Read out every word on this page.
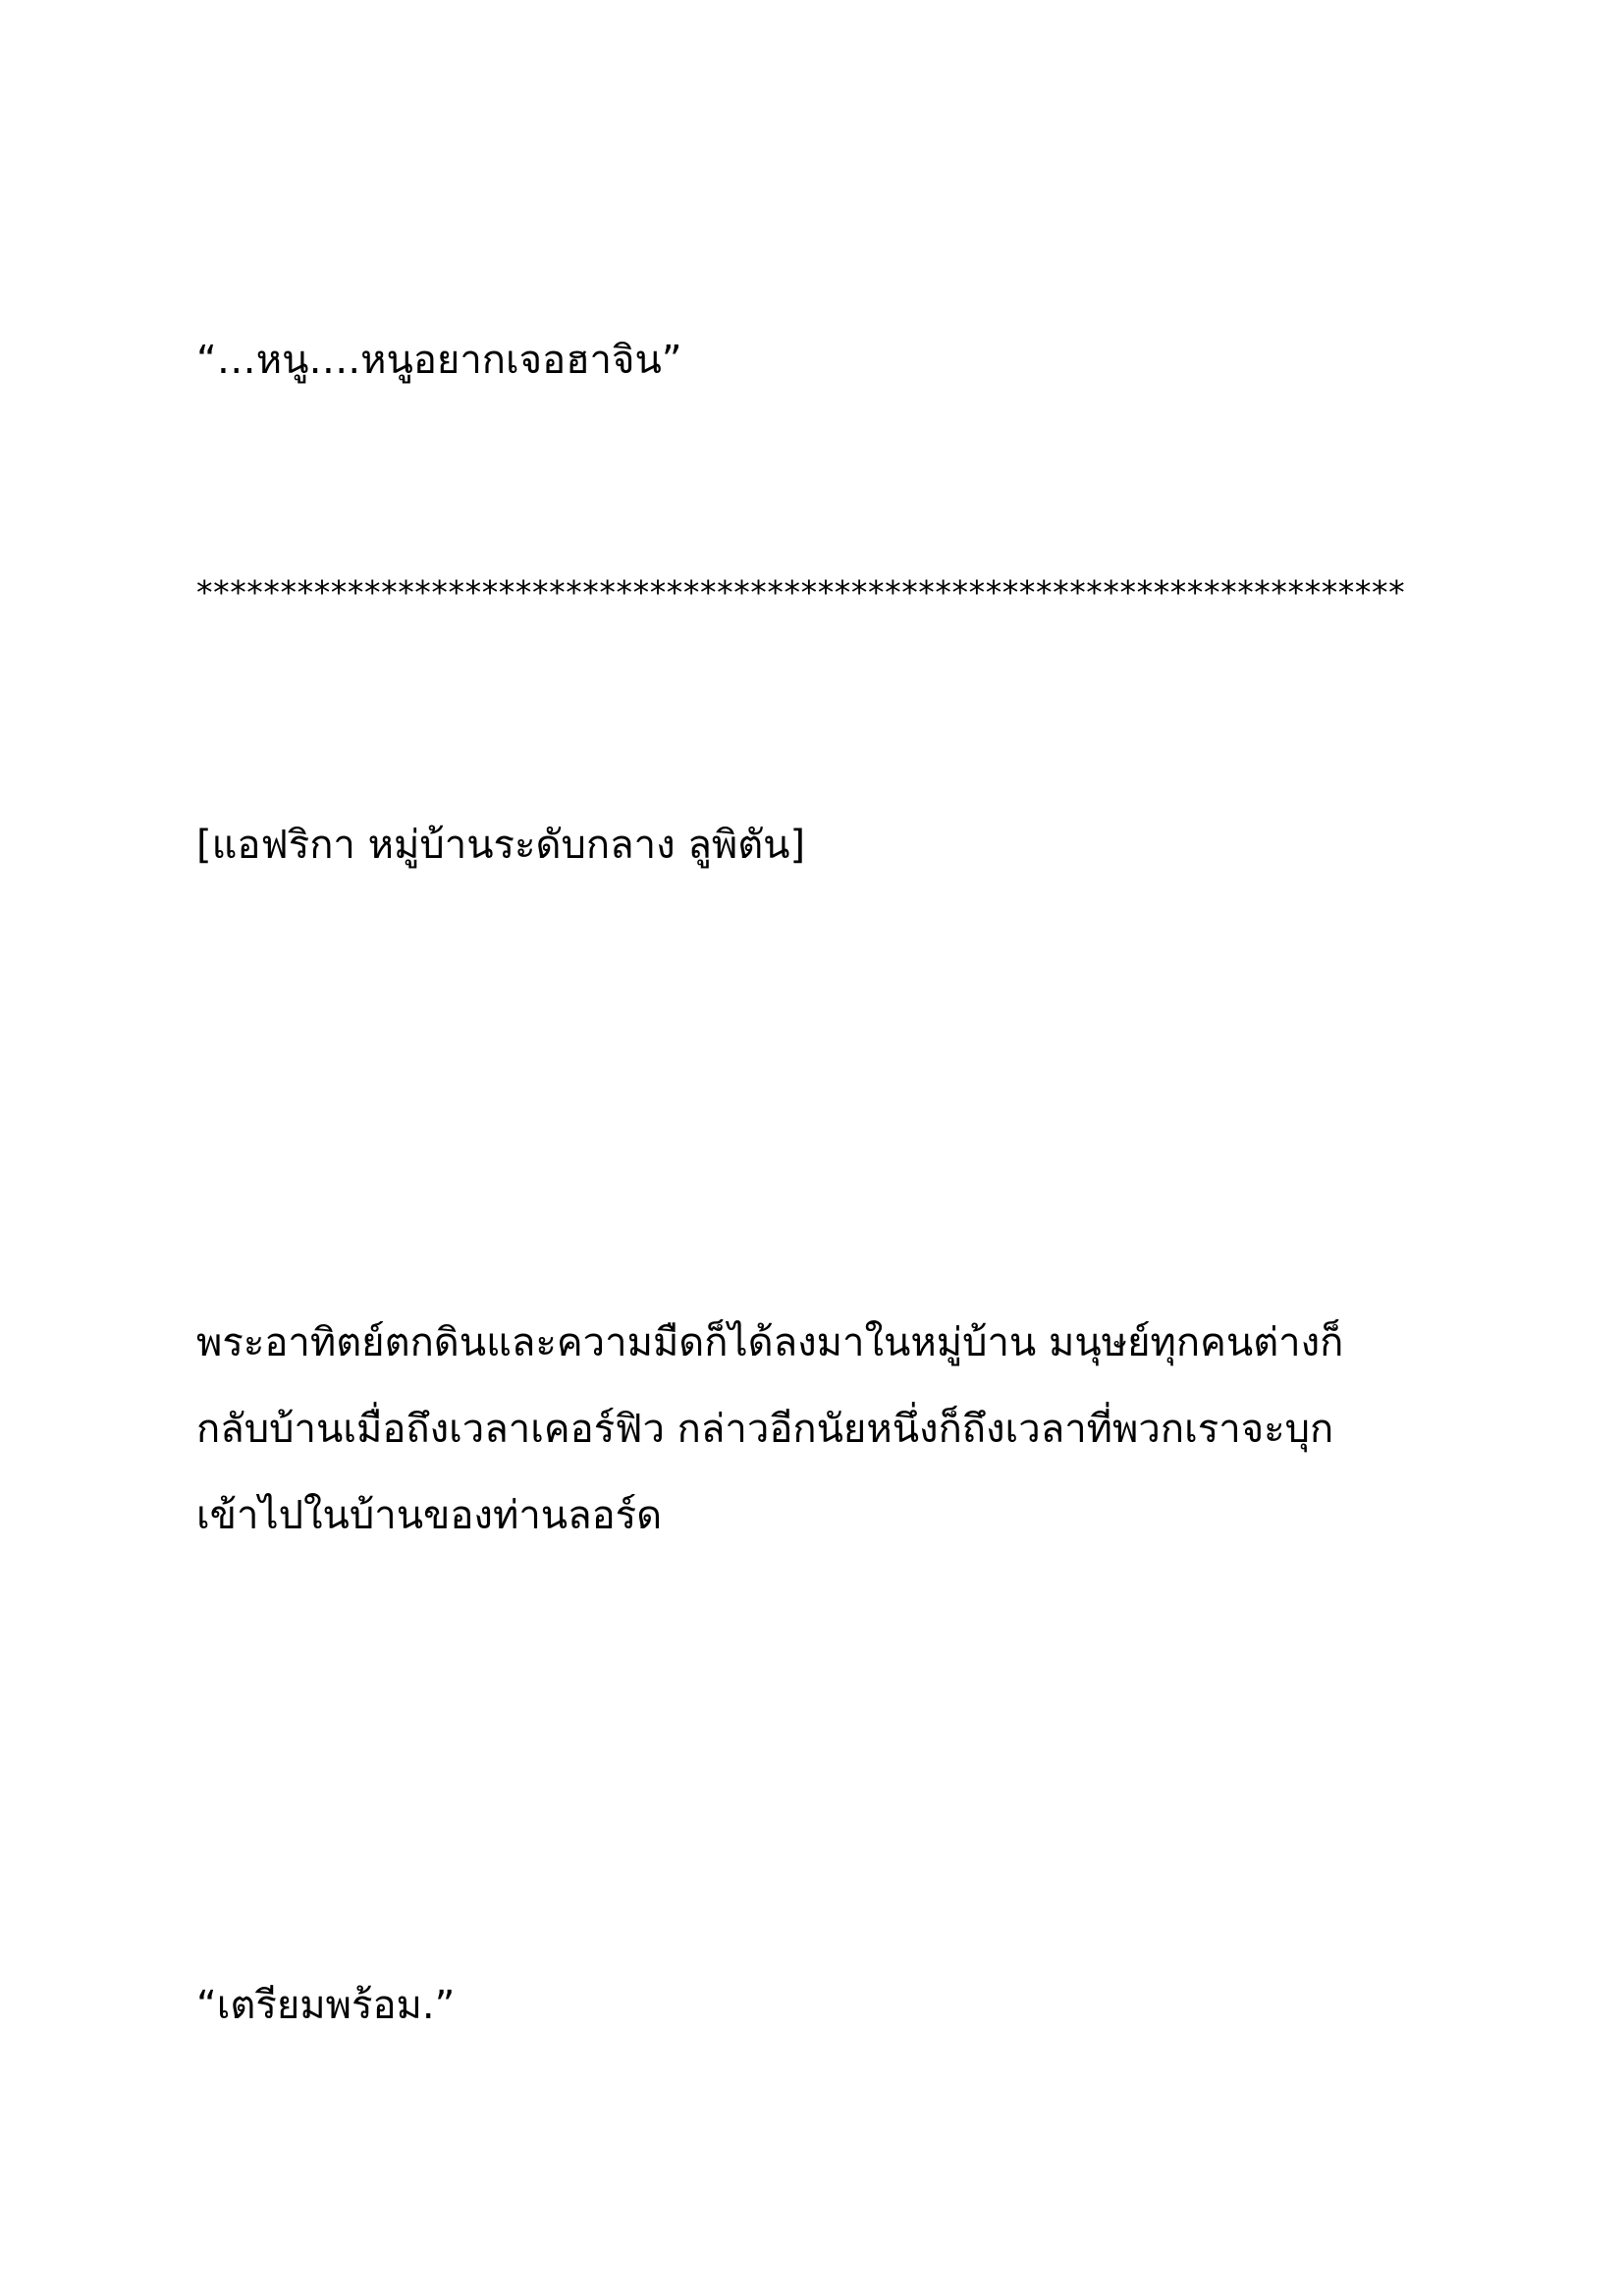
“…หนู….หนูอยากเจอฮาจิน”

************************************************************************

[แอฟริกา หมู่บ้านระดับกลาง ลูพิตัน]

พระอาทิตย์ตกดินและความมืดก็ได้ลงมาในหมู่บ้าน มนุษย์ทุกคนต่างก็
กลับบ้านเมื่อถึงเวลาเคอร์ฟิว กล่าวอีกนัยหนึ่งก็ถึงเวลาที่พวกเราจะบุก
เข้าไปในบ้านของท่านลอร์ด

“เตรียมพร้อม.”
